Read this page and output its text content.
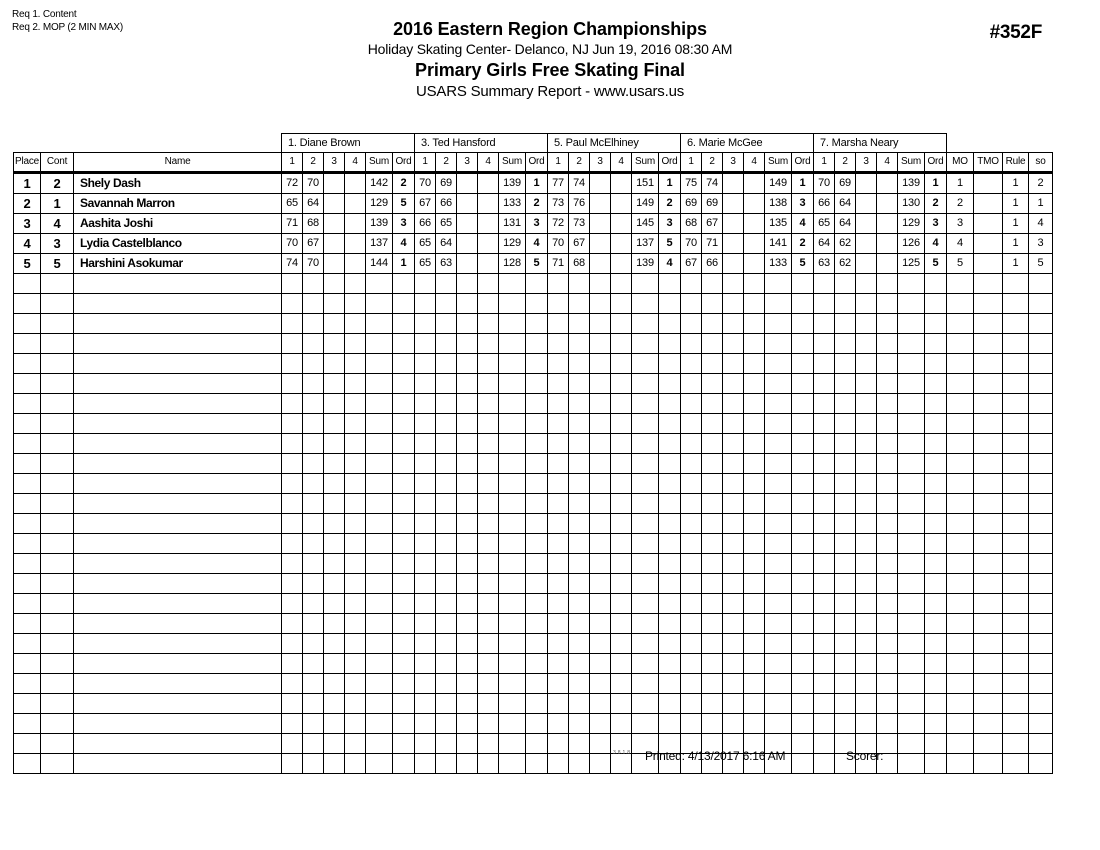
Req 1. Content
Req 2. MOP (2 MIN MAX)	2016 Eastern Region Championships
Holiday Skating Center- Delanco, NJ Jun 19, 2016 08:30 AM
Primary Girls Free Skating Final
USARS Summary Report - www.usars.us
#352F
			1. Diane Brown						3. Ted Hansford						5. Paul McElhiney						6. Marie McGee						7. Marsha Neary									
Place	Cont	Name	1	2	3	4	Sum	Ord	1	2	3	4	Sum	Ord	1	2	3	4	Sum	Ord	1	2	3	4	Sum	Ord	1	2	3	4	Sum	Ord	MO	TMO	Rule	so
1	2	Shely Dash	72	70			142	2	70	69			139	1	77	74			151	1	75	74			149	1	70	69			139	1	1		1	2
2	1	Savannah Marron	65	64			129	5	67	66			133	2	73	76			149	2	69	69			138	3	66	64			130	2	2		1	1
3	4	Aashita Joshi	71	68			139	3	66	65			131	3	72	73			145	3	68	67			135	4	65	64			129	3	3		1	4
4	3	Lydia Castelblanco	70	67			137	4	65	64			129	4	70	67			137	5	70	71			141	2	64	62			126	4	4		1	3
5	5	Harshini Asokumar	74	70			144	1	65	63			128	5	71	68			139	4	67	66			133	5	63	62			125	5	5		1	5

3.8.1.8 Printed: 4/13/2017 6:16 AM	Scorer:
